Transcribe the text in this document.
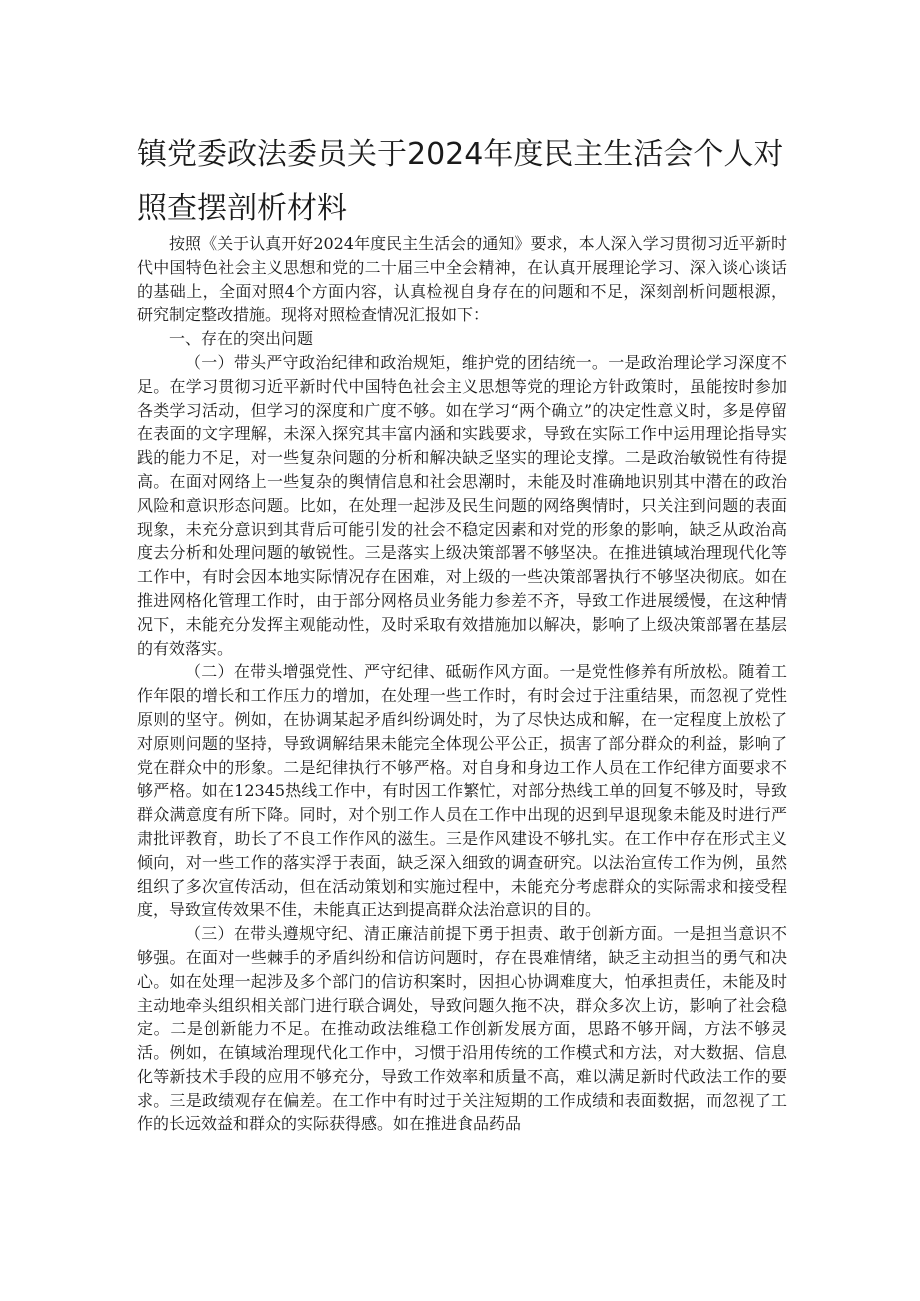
镇党委政法委员关于2024年度民主生活会个人对照查摆剖析材料

按照《关于认真开好2024年度民主生活会的通知》要求，本人深入学习贯彻习近平新时代中国特色社会主义思想和党的二十届三中全会精神，在认真开展理论学习、深入谈心谈话的基础上，全面对照4个方面内容，认真检视自身存在的问题和不足，深刻剖析问题根源，研究制定整改措施。现将对照检查情况汇报如下：

一、存在的突出问题

（一）带头严守政治纪律和政治规矩，维护党的团结统一。一是政治理论学习深度不足。在学习贯彻习近平新时代中国特色社会主义思想等党的理论方针政策时，虽能按时参加各类学习活动，但学习的深度和广度不够。如在学习“两个确立”的决定性意义时，多是停留在表面的文字理解，未深入探究其丰富内涵和实践要求，导致在实际工作中运用理论指导实践的能力不足，对一些复杂问题的分析和解决缺乏坚实的理论支撑。二是政治敏锐性有待提高。在面对网络上一些复杂的舆情信息和社会思潮时，未能及时准确地识别其中潜在的政治风险和意识形态问题。比如，在处理一起涉及民生问题的网络舆情时，只关注到问题的表面现象，未充分意识到其背后可能引发的社会不稳定因素和对党的形象的影响，缺乏从政治高度去分析和处理问题的敏锐性。三是落实上级决策部署不够坚决。在推进镇域治理现代化等工作中，有时会因本地实际情况存在困难，对上级的一些决策部署执行不够坚决彻底。如在推进网格化管理工作时，由于部分网格员业务能力参差不齐，导致工作进展缓慢，在这种情况下，未能充分发挥主观能动性，及时采取有效措施加以解决，影响了上级决策部署在基层的有效落实。

（二）在带头增强党性、严守纪律、砥砺作风方面。一是党性修养有所放松。随着工作年限的增长和工作压力的增加，在处理一些工作时，有时会过于注重结果，而忽视了党性原则的坚守。例如，在协调某起矛盾纠纷调处时，为了尽快达成和解，在一定程度上放松了对原则问题的坚持，导致调解结果未能完全体现公平公正，损害了部分群众的利益，影响了党在群众中的形象。二是纪律执行不够严格。对自身和身边工作人员在工作纪律方面要求不够严格。如在12345热线工作中，有时因工作繁忙，对部分热线工单的回复不够及时，导致群众满意度有所下降。同时，对个别工作人员在工作中出现的迟到早退现象未能及时进行严肃批评教育，助长了不良工作作风的滋生。三是作风建设不够扎实。在工作中存在形式主义倾向，对一些工作的落实浮于表面，缺乏深入细致的调查研究。以法治宣传工作为例，虽然组织了多次宣传活动，但在活动策划和实施过程中，未能充分考虑群众的实际需求和接受程度，导致宣传效果不佳，未能真正达到提高群众法治意识的目的。

（三）在带头遵规守纪、清正廉洁前提下勇于担责、敢于创新方面。一是担当意识不够强。在面对一些棘手的矛盾纠纷和信访问题时，存在畏难情绪，缺乏主动担当的勇气和决心。如在处理一起涉及多个部门的信访积案时，因担心协调难度大，怕承担责任，未能及时主动地牵头组织相关部门进行联合调处，导致问题久拖不决，群众多次上访，影响了社会稳定。二是创新能力不足。在推动政法维稳工作创新发展方面，思路不够开阔，方法不够灵活。例如，在镇域治理现代化工作中，习惯于沿用传统的工作模式和方法，对大数据、信息化等新技术手段的应用不够充分，导致工作效率和质量不高，难以满足新时代政法工作的要求。三是政绩观存在偏差。在工作中有时过于关注短期的工作成绩和表面数据，而忽视了工作的长远效益和群众的实际获得感。如在推进食品药品
